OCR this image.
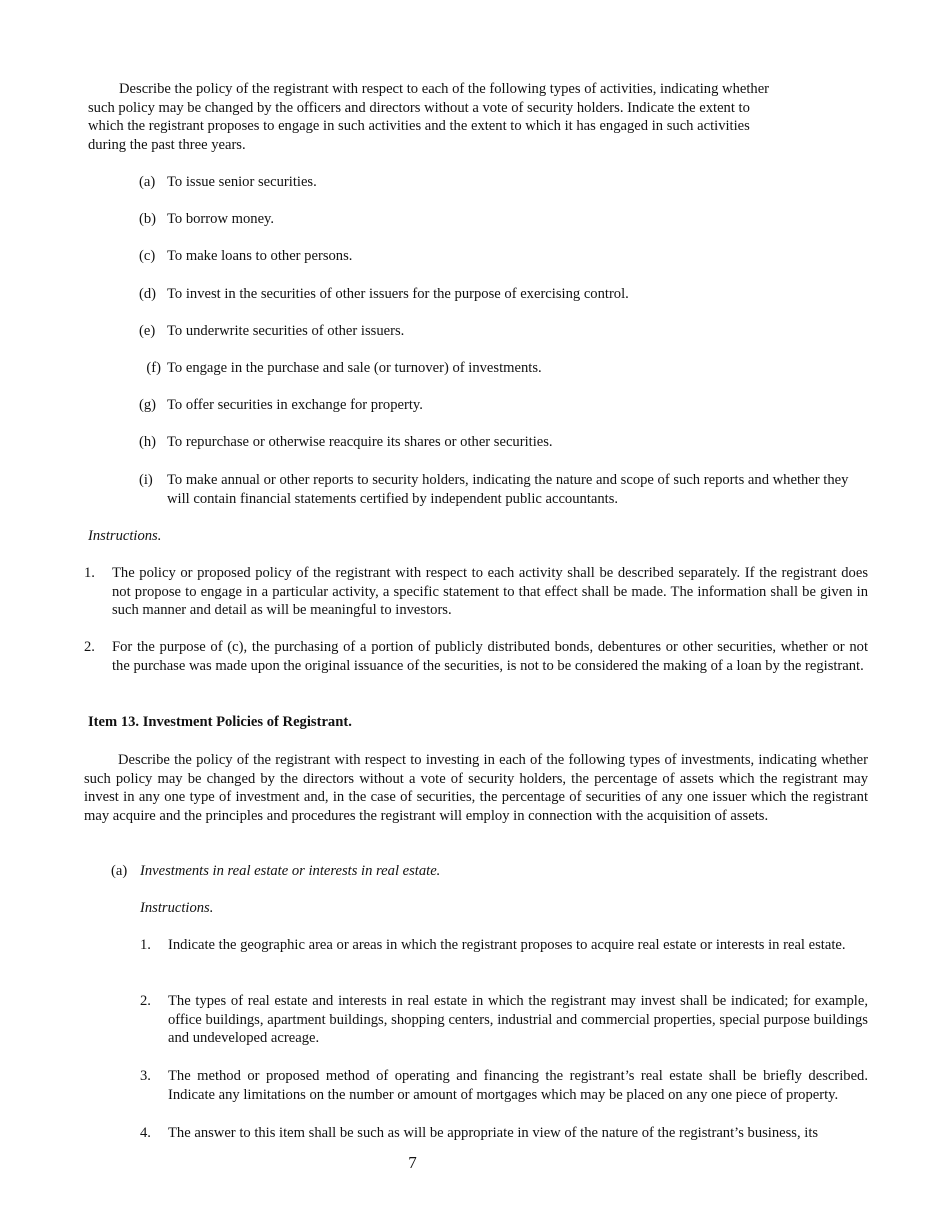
Describe the policy of the registrant with respect to each of the following types of activities, indicating whether such policy may be changed by the officers and directors without a vote of security holders. Indicate the extent to which the registrant proposes to engage in such activities and the extent to which it has engaged in such activities during the past three years.

(a) To issue senior securities.
(b) To borrow money.
(c) To make loans to other persons.
(d) To invest in the securities of other issuers for the purpose of exercising control.
(e) To underwrite securities of other issuers.
(f) To engage in the purchase and sale (or turnover) of investments.
(g) To offer securities in exchange for property.
(h) To repurchase or otherwise reacquire its shares or other securities.
(i) To make annual or other reports to security holders, indicating the nature and scope of such reports and whether they will contain financial statements certified by independent public accountants.

Instructions.

1.	The policy or proposed policy of the registrant with respect to each activity shall be described separately. If the registrant does not propose to engage in a particular activity, a specific statement to that effect shall be made. The information shall be given in such manner and detail as will be meaningful to investors.
2.	For the purpose of (c), the purchasing of a portion of publicly distributed bonds, debentures or other securities, whether or not the purchase was made upon the original issuance of the securities, is not to be considered the making of a loan by the registrant.

Item 13. Investment Policies of Registrant.

Describe the policy of the registrant with respect to investing in each of the following types of investments, indicating whether such policy may be changed by the directors without a vote of security holders, the percentage of assets which the registrant may invest in any one type of investment and, in the case of securities, the percentage of securities of any one issuer which the registrant may acquire and the principles and procedures the registrant will employ in connection with the acquisition of assets.

(a) Investments in real estate or interests in real estate.

Instructions.

1.	Indicate the geographic area or areas in which the registrant proposes to acquire real estate or interests in real estate.
2.	The types of real estate and interests in real estate in which the registrant may invest shall be indicated; for example, office buildings, apartment buildings, shopping centers, industrial and commercial properties, special purpose buildings and undeveloped acreage.
3.	The method or proposed method of operating and financing the registrant’s real estate shall be briefly described. Indicate any limitations on the number or amount of mortgages which may be placed on any one piece of property.
4.	The answer to this item shall be such as will be appropriate in view of the nature of the registrant’s business, its

7
